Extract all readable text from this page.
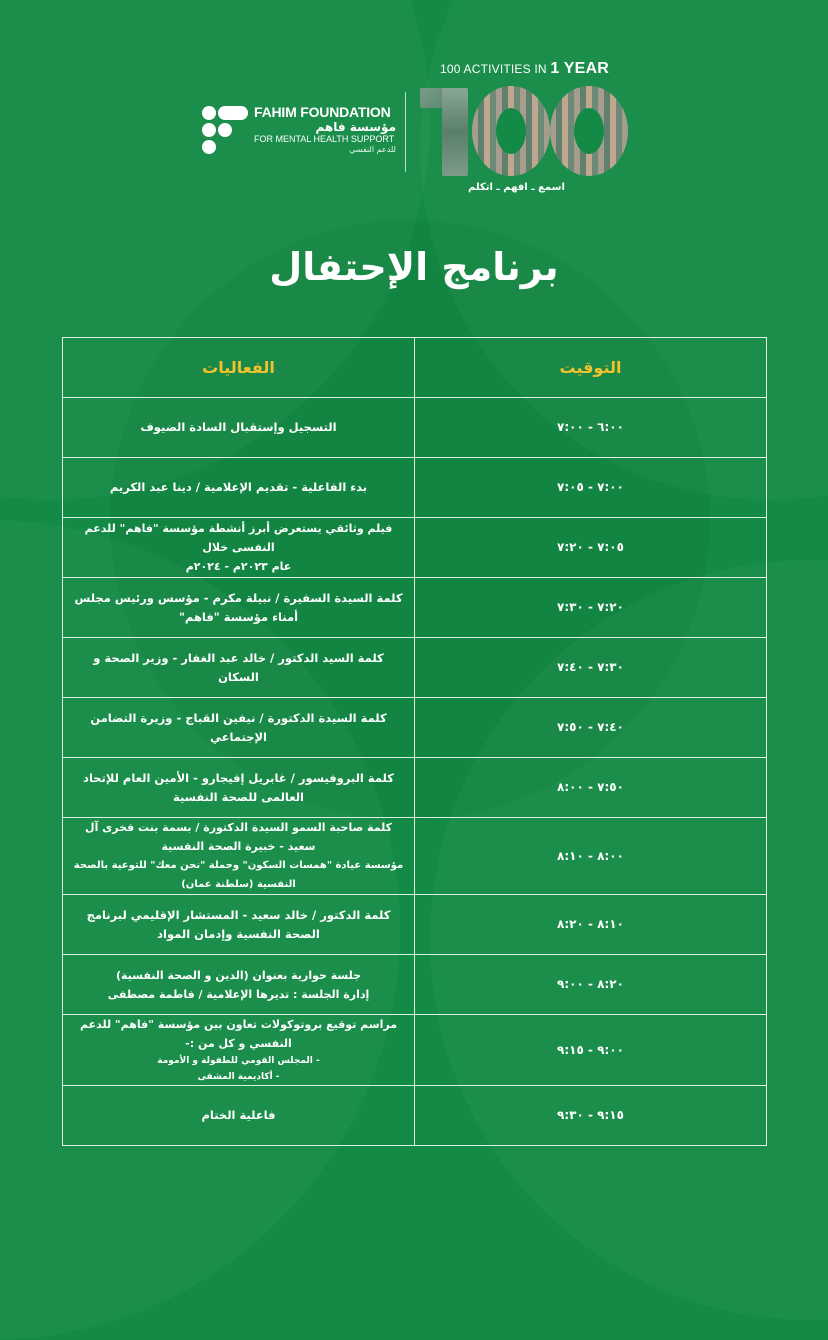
FAHIM FOUNDATION
مؤسسة فاهم
FOR MENTAL HEALTH SUPPORT
للدعم النفسي
100 ACTIVITIES IN 1 YEAR
اسمع ـ افهم ـ اتكلم
برنامج الإحتفال
التوقيت	الفعاليات
٦:٠٠ - ٧:٠٠	التسجيل وإستقبال السادة الضيوف
٧:٠٠ - ٧:٠٥	بدء الفاعلية - تقديم الإعلامية / دينا عبد الكريم
٧:٠٥ - ٧:٢٠	فيلم وثائقي يستعرض أبرز أنشطة مؤسسة "فاهم" للدعم النفسى خلال
عام ٢٠٢٣م - ٢٠٢٤م

٧:٢٠ - ٧:٣٠	كلمة السيدة السفيرة / نبيلة مكرم - مؤسس ورئيس مجلس أمناء مؤسسة "فاهم"
٧:٣٠ - ٧:٤٠	كلمة السيد الدكتور / خالد عبد الغفار - وزير الصحة و السكان
٧:٤٠ - ٧:٥٠	كلمة السيدة الدكتورة / نيفين القباج - وزيرة التضامن الإجتماعي
٧:٥٠ - ٨:٠٠	كلمة البروفيسور / غابريل إفيجارو - الأمين العام للإتحاد العالمى للصحة النفسية
٨:٠٠ - ٨:١٠	كلمة صاحبة السمو السيدة الدكتورة / بسمة بنت فخرى آل سعيد - خبيرة الصحة النفسية
مؤسسة عيادة "همسات السكون" وحملة "نحن معك" للتوعية بالصحة النفسية (سلطنة عمان)

٨:١٠ - ٨:٢٠	كلمة الدكتور / خالد سعيد - المستشار الإقليمي لبرنامج الصحة النفسية وإدمان المواد
٨:٢٠ - ٩:٠٠	جلسة حوارية بعنوان (الدين و الصحة النفسية)
إدارة الجلسة : تديرها الإعلامية / فاطمة مصطفى

٩:٠٠ - ٩:١٥	مراسم توقيع بروتوكولات تعاون بين مؤسسة "فاهم" للدعم النفسي و كل من :-
- المجلس القومي للطفولة و الأمومة
- أكاديمية المشفى

٩:١٥ - ٩:٣٠	فاعلية الختام
